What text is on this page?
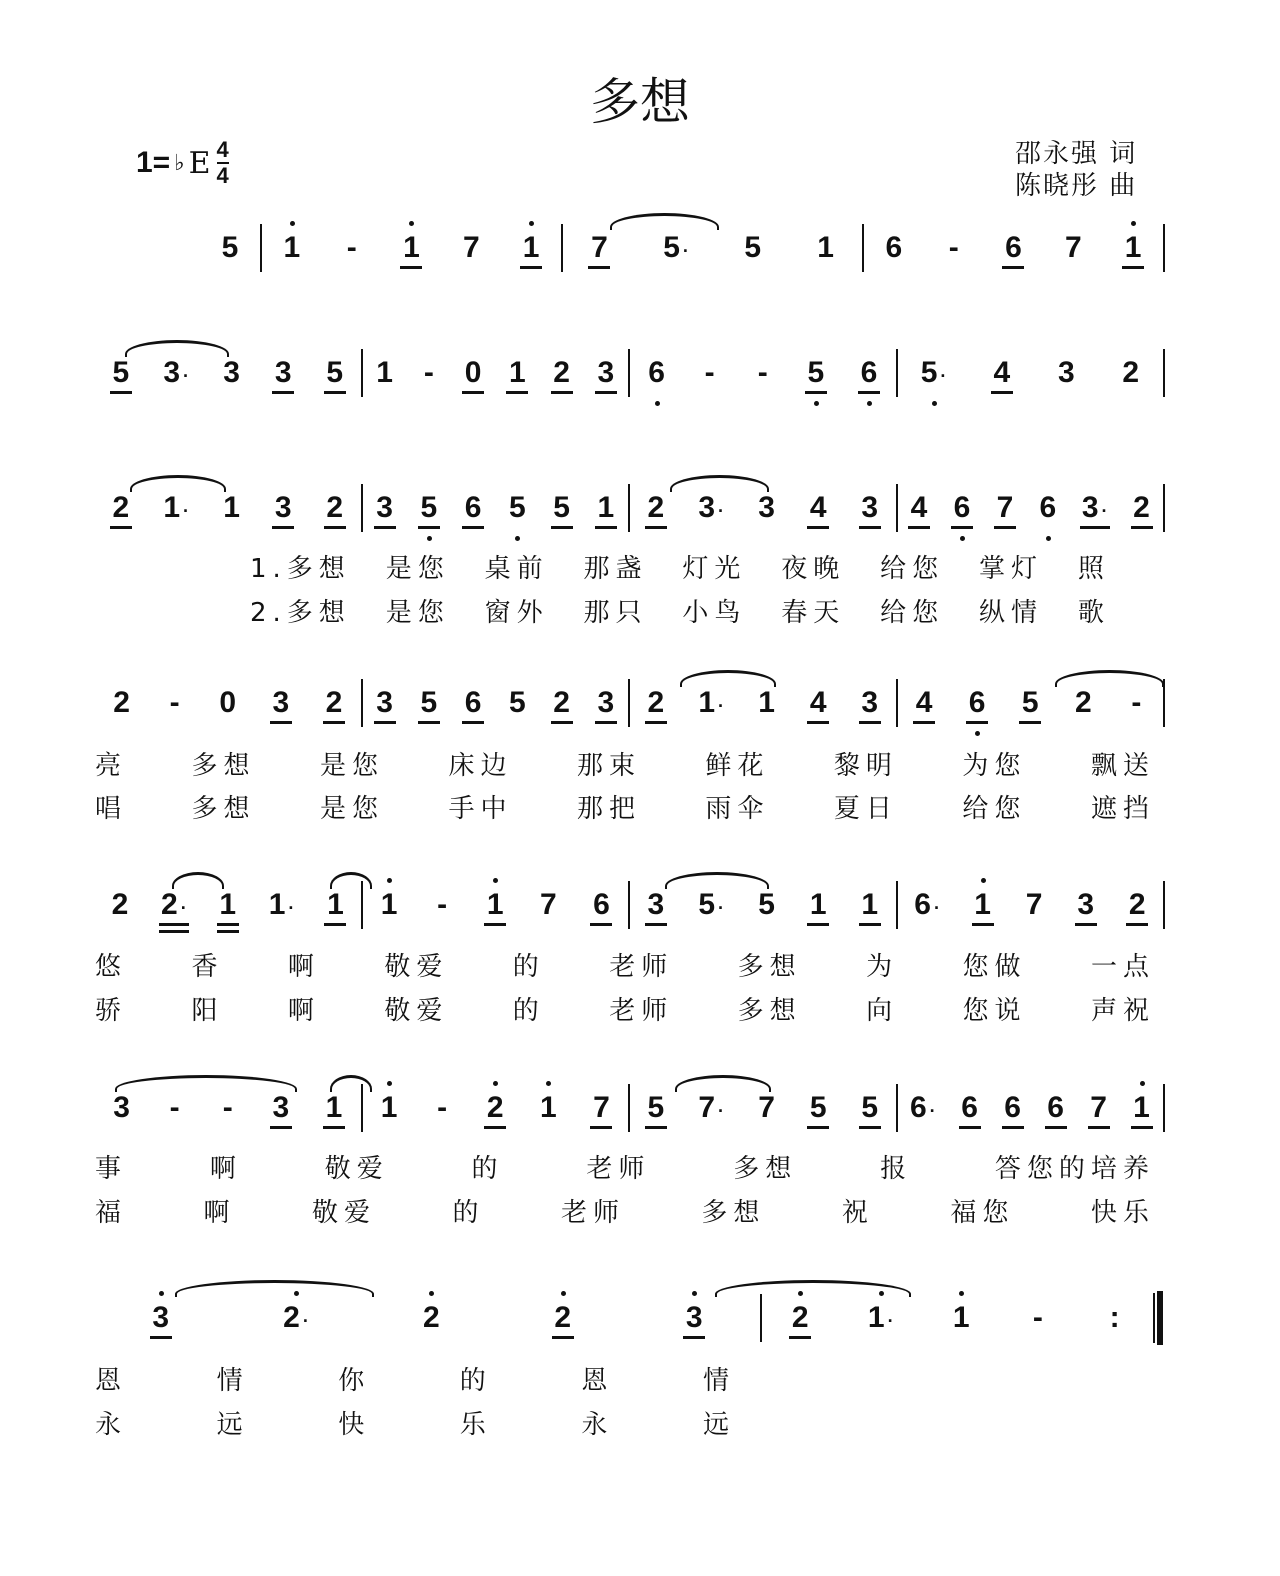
多想
1= ♭ E 4
4
邵永强 词
陈晓彤 曲
5 1 - 1 7 1 7 5 · 5 1 6 - 6 7 1
5 3 · 3 3 5 1 - 0 1 2 3 6 - - 5 6 5 · 4 3 2
2 1 · 1 3 2 3 5 6 5 5 1 2 3 · 3 4 3 4 6 7 6 3 · 2
2 - 0 3 2 3 5 6 5 2 3 2 1 · 1 4 3 4 6 5 2 -
2 2 · 1 1 · 1 1 - 1 7 6 3 5 · 5 1 1 6 · 1 7 3 2
3 - - 3 1 1 - 2 1 7 5 7 · 7 5 5 6 · 6 6 6 7 1
3	2 ·	2	2	3	2 1 · 1 - :
1.多想 是您 桌前 那盏 灯光 夜晚 给您 掌灯 照
2.多想 是您 窗外 那只 小鸟 春天 给您 纵情 歌
亮 多想 是您 床边 那束 鲜花 黎明 为您 飘送
唱 多想 是您 手中 那把 雨伞 夏日 给您 遮挡
悠 香 啊 敬爱 的 老师 多想 为 您做 一点
骄 阳 啊 敬爱 的 老师 多想 向 您说 声祝
事	啊	敬爱	的	老师	多想	报	答您的培养
福	啊	敬爱	的	老师	多想	祝	福您	快乐
恩	情	你	的	恩	情
永	远	快	乐	永	远
